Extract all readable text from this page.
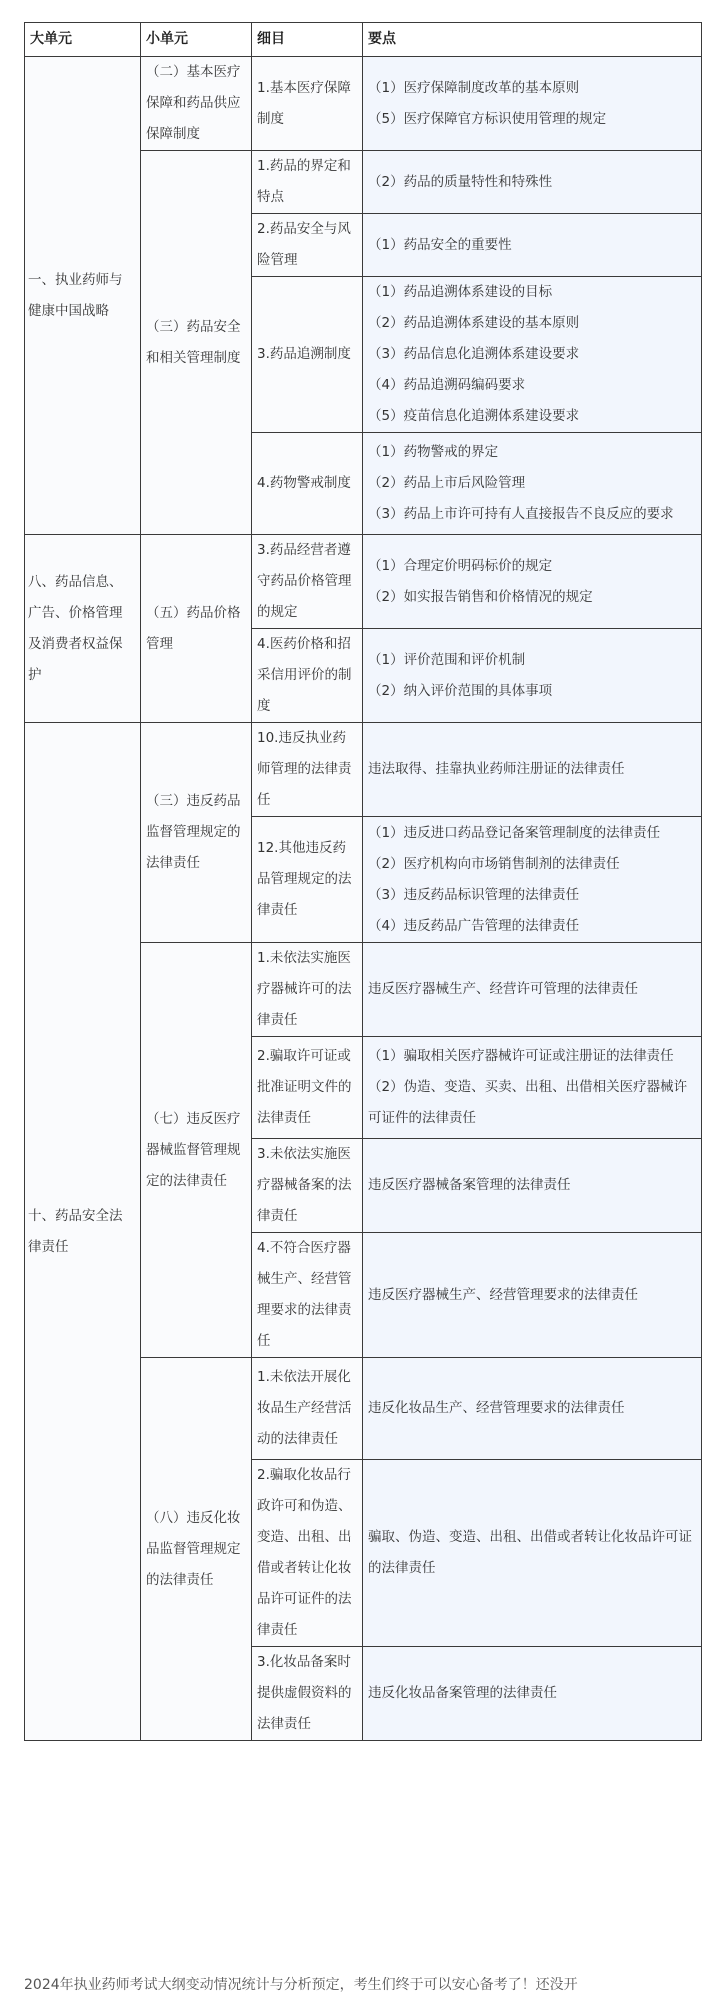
大单元	小单元	细目	要点
一、执业药师与健康中国战略	（二）基本医疗保障和药品供应保障制度	1.基本医疗保障制度	（1）医疗保障制度改革的基本原则
（5）医疗保障官方标识使用管理的规定

	（三）药品安全和相关管理制度	1.药品的界定和特点	（2）药品的质量特性和特殊性

		2.药品安全与风险管理	（1）药品安全的重要性

		3.药品追溯制度	（1）药品追溯体系建设的目标
（2）药品追溯体系建设的基本原则
（3）药品信息化追溯体系建设要求
（4）药品追溯码编码要求
（5）疫苗信息化追溯体系建设要求

		4.药物警戒制度	（1）药物警戒的界定
（2）药品上市后风险管理
（3）药品上市许可持有人直接报告不良反应的要求

八、药品信息、广告、价格管理及消费者权益保护	（五）药品价格管理	3.药品经营者遵守药品价格管理的规定	（1）合理定价明码标价的规定
（2）如实报告销售和价格情况的规定

		4.医药价格和招采信用评价的制度	（1）评价范围和评价机制
（2）纳入评价范围的具体事项

十、药品安全法律责任	（三）违反药品监督管理规定的法律责任	10.违反执业药师管理的法律责任	违法取得、挂靠执业药师注册证的法律责任

		12.其他违反药品管理规定的法律责任	（1）违反进口药品登记备案管理制度的法律责任
（2）医疗机构向市场销售制剂的法律责任
（3）违反药品标识管理的法律责任
（4）违反药品广告管理的法律责任

	（七）违反医疗器械监督管理规定的法律责任	1.未依法实施医疗器械许可的法律责任	违反医疗器械生产、经营许可管理的法律责任

		2.骗取许可证或批准证明文件的法律责任	（1）骗取相关医疗器械许可证或注册证的法律责任
（2）伪造、变造、买卖、出租、出借相关医疗器械许可证件的法律责任

		3.未依法实施医疗器械备案的法律责任	违反医疗器械备案管理的法律责任

		4.不符合医疗器械生产、经营管理要求的法律责任	违反医疗器械生产、经营管理要求的法律责任

	（八）违反化妆品监督管理规定的法律责任	1.未依法开展化妆品生产经营活动的法律责任	违反化妆品生产、经营管理要求的法律责任

		2.骗取化妆品行政许可和伪造、变造、出租、出借或者转让化妆品许可证件的法律责任	骗取、伪造、变造、出租、出借或者转让化妆品许可证的法律责任

		3.化妆品备案时提供虚假资料的法律责任	违反化妆品备案管理的法律责任
2024年执业药师考试大纲变动情况统计与分析预定，考生们终于可以安心备考了！还没开
